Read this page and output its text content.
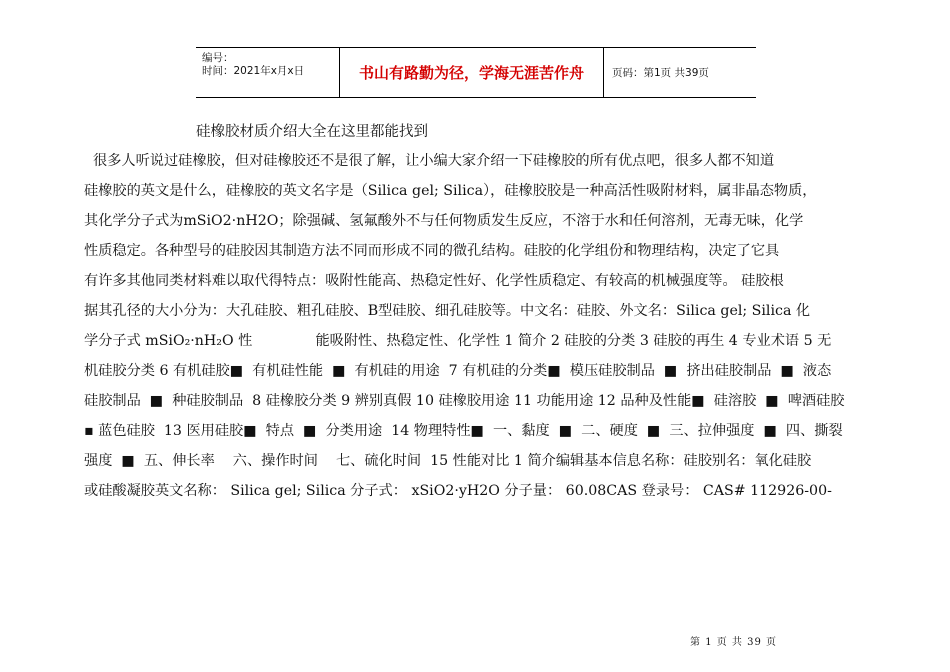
编号：
时间：2021年x月x日	书山有路勤为径，学海无涯苦作舟	页码：第1页 共39页
硅橡胶材质介绍大全在这里都能找到
很多人听说过硅橡胶，但对硅橡胶还不是很了解，让小编大家介绍一下硅橡胶的所有优点吧，很多人都不知道
硅橡胶的英文是什么，硅橡胶的英文名字是（Silica gel; Silica），硅橡胶胶是一种高活性吸附材料，属非晶态物质，
其化学分子式为mSiO2·nH2O；除强碱、氢氟酸外不与任何物质发生反应，不溶于水和任何溶剂，无毒无味，化学
性质稳定。各种型号的硅胶因其制造方法不同而形成不同的微孔结构。硅胶的化学组份和物理结构，决定了它具
有许多其他同类材料难以取代得特点：吸附性能高、热稳定性好、化学性质稳定、有较高的机械强度等。 硅胶根
据其孔径的大小分为：大孔硅胶、粗孔硅胶、B型硅胶、细孔硅胶等。中文名：硅胶、外文名：Silica gel; Silica 化
学分子式 mSiO₂·nH₂O 性              能吸附性、热稳定性、化学性 1 简介 2 硅胶的分类 3 硅胶的再生 4 专业术语 5 无
机硅胶分类 6 有机硅胶■  有机硅性能  ■  有机硅的用途  7 有机硅的分类■  模压硅胶制品  ■  挤出硅胶制品  ■  液态
硅胶制品  ■  种硅胶制品  8 硅橡胶分类 9 辨别真假 10 硅橡胶用途 11 功能用途 12 品种及性能■  硅溶胶  ■  啤酒硅胶
▪ 蓝色硅胶  13 医用硅胶■  特点  ■  分类用途  14 物理特性■  一、黏度  ■  二、硬度  ■  三、拉伸强度  ■  四、撕裂
强度  ■  五、伸长率    六、操作时间    七、硫化时间  15 性能对比 1 简介编辑基本信息名称：硅胶别名：氧化硅胶
或硅酸凝胶英文名称： Silica gel; Silica 分子式： xSiO2·yH2O 分子量： 60.08CAS 登录号： CAS# 112926-00-
第 1 页 共 39 页
